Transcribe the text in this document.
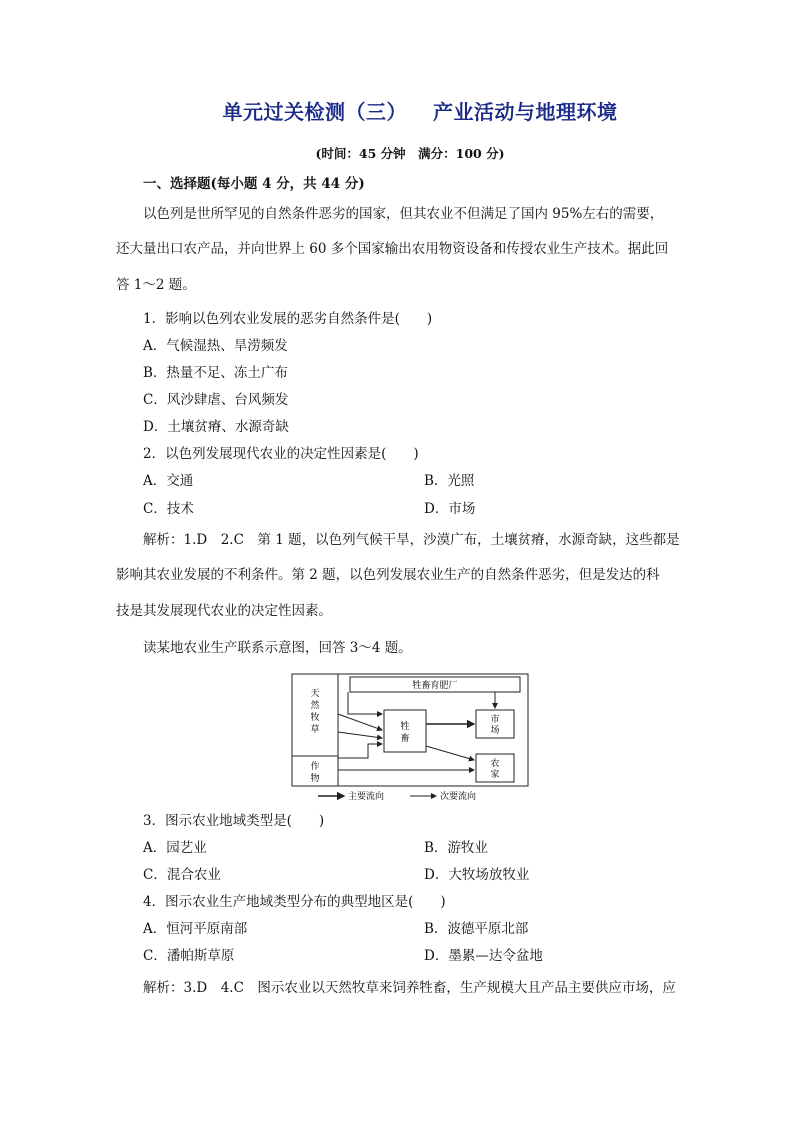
单元过关检测（三） 产业活动与地理环境
(时间：45 分钟　满分：100 分)
一、选择题(每小题 4 分，共 44 分)
以色列是世所罕见的自然条件恶劣的国家，但其农业不但满足了国内 95%左右的需要，
还大量出口农产品，并向世界上 60 多个国家输出农用物资设备和传授农业生产技术。据此回
答 1～2 题。
1．影响以色列农业发展的恶劣自然条件是(　　)
A．气候湿热、旱涝频发
B．热量不足、冻土广布
C．风沙肆虐、台风频发
D．土壤贫瘠、水源奇缺
2．以色列发展现代农业的决定性因素是(　　)
A．交通	B．光照
C．技术	D．市场
解析：1.D　2.C　第 1 题，以色列气候干旱，沙漠广布，土壤贫瘠，水源奇缺，这些都是
影响其农业发展的不利条件。第 2 题，以色列发展农业生产的自然条件恶劣，但是发达的科
技是其发展现代农业的决定性因素。
读某地农业生产联系示意图，回答 3～4 题。
牲畜育肥厂
天
然
牧
草
作
物
牲
畜
市
场
农
家
主要流向	次要流向
3．图示农业地域类型是(　　)
A．园艺业	B．游牧业
C．混合农业	D．大牧场放牧业
4．图示农业生产地域类型分布的典型地区是(　　)
A．恒河平原南部	B．波德平原北部
C．潘帕斯草原	D．墨累—达令盆地
解析：3.D　4.C　图示农业以天然牧草来饲养牲畜，生产规模大且产品主要供应市场，应
